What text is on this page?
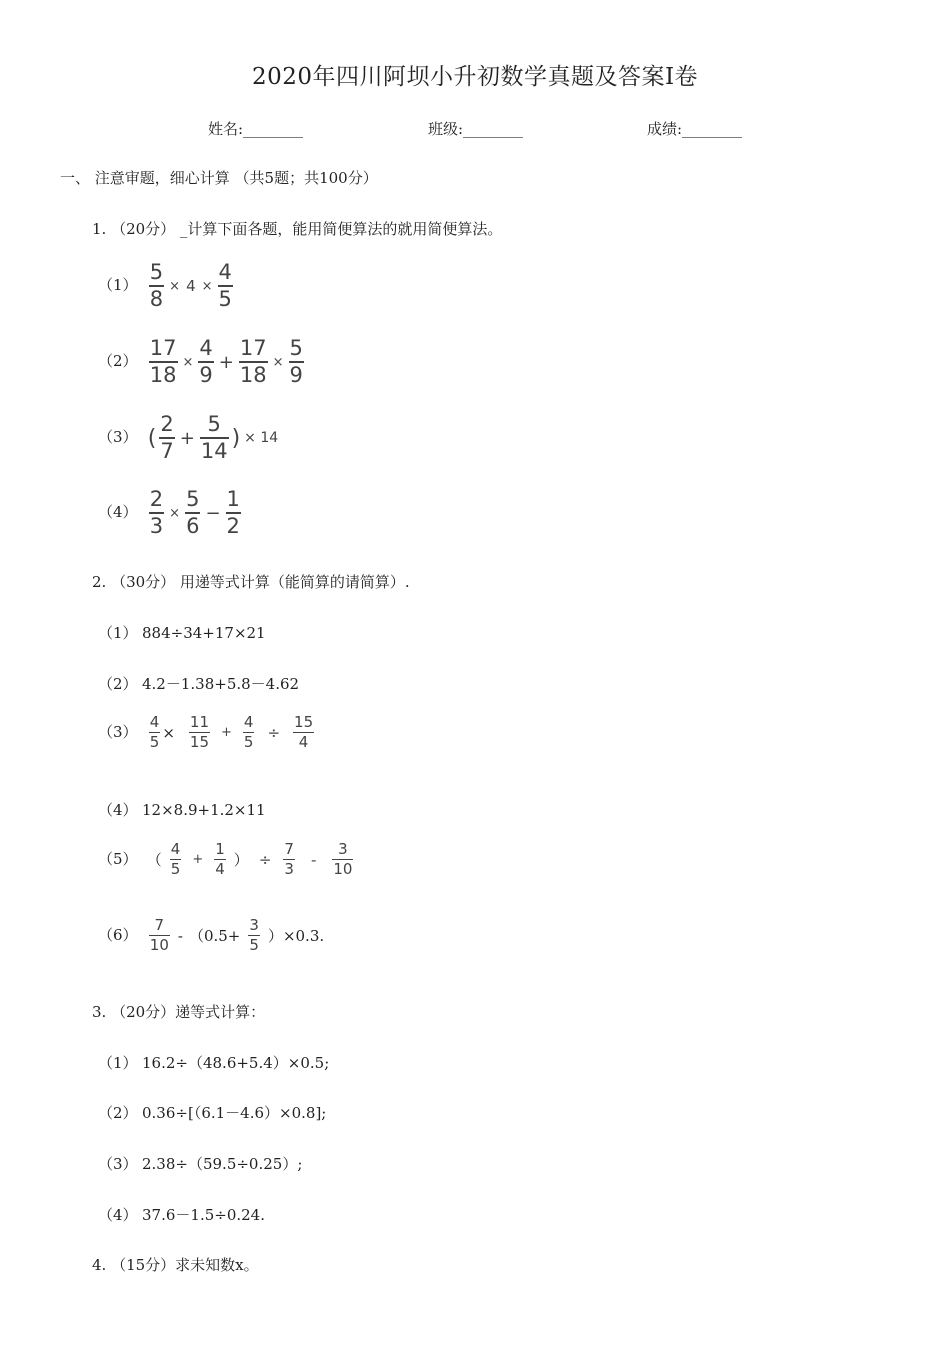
2020年四川阿坝小升初数学真题及答案Ⅰ卷
姓名:________	班级:________	成绩:________
一、 注意审题，细心计算 （共5题；共100分）
1. （20分） _计算下面各题，能用简便算法的就用简便算法。
$(1) \frac{5}{8} \times 4 \times \frac{4}{5}$
$(2) \frac{17}{18} \times \frac{4}{9} + \frac{17}{18} \times \frac{5}{9}$
（3） ( $\frac{2}{7} + \frac{5}{14}$ ) × 14
$(4) \frac{2}{3} \times \frac{5}{6} - \frac{1}{2}$
2. （30分） 用递等式计算（能简算的请简算）.
（1） 884÷34+17×21
（2） 4.2－1.38+5.8－4.62
$(3) \frac{4}{5} \times \frac{11}{15} + \frac{4}{5} \div \frac{15}{4}$
（4） 12×8.9+1.2×11
（5） （ $\frac{4}{5} + \frac{1}{4}$ ） ÷ $\frac{7}{3} - \frac{3}{10}$
$(6) \frac{7}{10} - (0.5+ \frac{3}{5} )\times 0.3$.
3. （20分）递等式计算：
（1） 16.2÷（48.6+5.4）×0.5;
（2） 0.36÷[（6.1－4.6）×0.8];
（3） 2.38÷（59.5÷0.25）;
（4） 37.6－1.5÷0.24.
4. （15分）求未知数x。
